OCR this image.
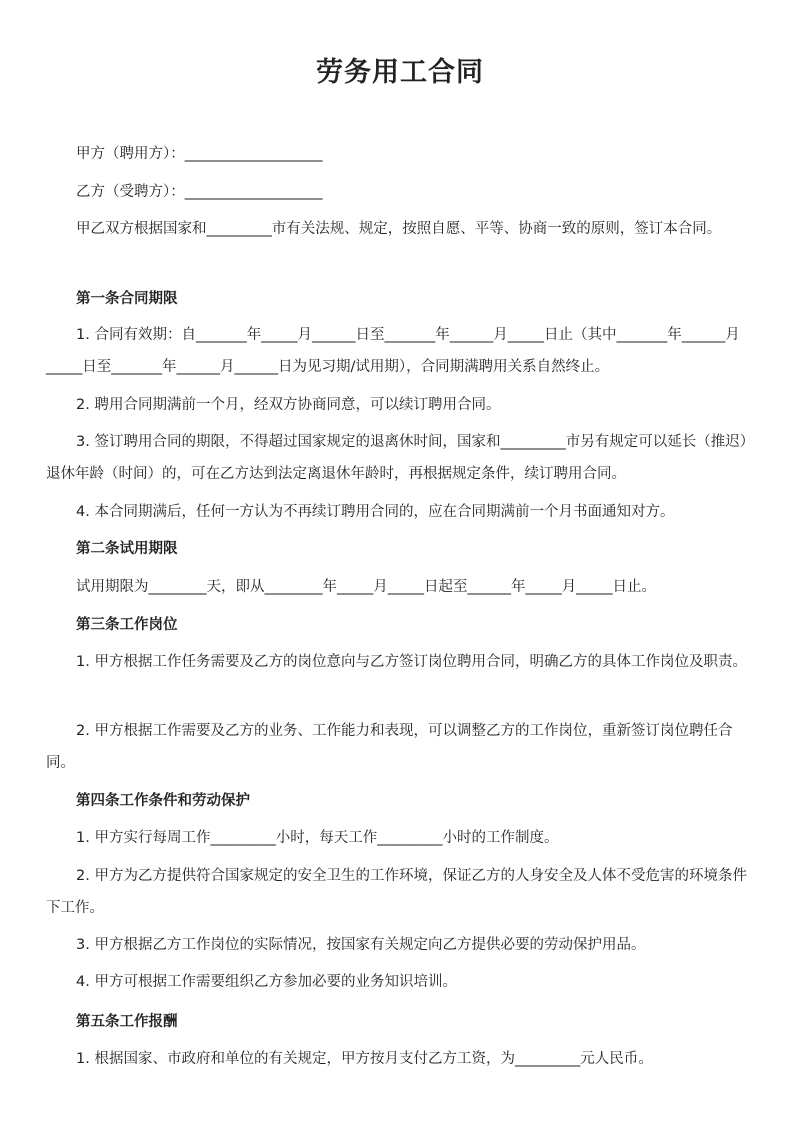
劳务用工合同
甲方（聘用方）：___________________
乙方（受聘方）：___________________
甲乙双方根据国家和_________市有关法规、规定，按照自愿、平等、协商一致的原则，签订本合同。
第一条合同期限
1. 合同有效期：自_______年_____月______日至_______年______月_____日止（其中_______年______月_____日至_______年______月______日为见习期/试用期），合同期满聘用关系自然终止。
2. 聘用合同期满前一个月，经双方协商同意，可以续订聘用合同。
3. 签订聘用合同的期限，不得超过国家规定的退离休时间，国家和_________市另有规定可以延长（推迟）退休年龄（时间）的，可在乙方达到法定离退休年龄时，再根据规定条件，续订聘用合同。
4. 本合同期满后，任何一方认为不再续订聘用合同的，应在合同期满前一个月书面通知对方。
第二条试用期限
试用期限为________天，即从________年_____月_____日起至______年_____月_____日止。
第三条工作岗位
1. 甲方根据工作任务需要及乙方的岗位意向与乙方签订岗位聘用合同，明确乙方的具体工作岗位及职责。
2. 甲方根据工作需要及乙方的业务、工作能力和表现，可以调整乙方的工作岗位，重新签订岗位聘任合同。
第四条工作条件和劳动保护
1. 甲方实行每周工作_________小时，每天工作_________小时的工作制度。
2. 甲方为乙方提供符合国家规定的安全卫生的工作环境，保证乙方的人身安全及人体不受危害的环境条件下工作。
3. 甲方根据乙方工作岗位的实际情况，按国家有关规定向乙方提供必要的劳动保护用品。
4. 甲方可根据工作需要组织乙方参加必要的业务知识培训。
第五条工作报酬
1. 根据国家、市政府和单位的有关规定，甲方按月支付乙方工资，为_________元人民币。
